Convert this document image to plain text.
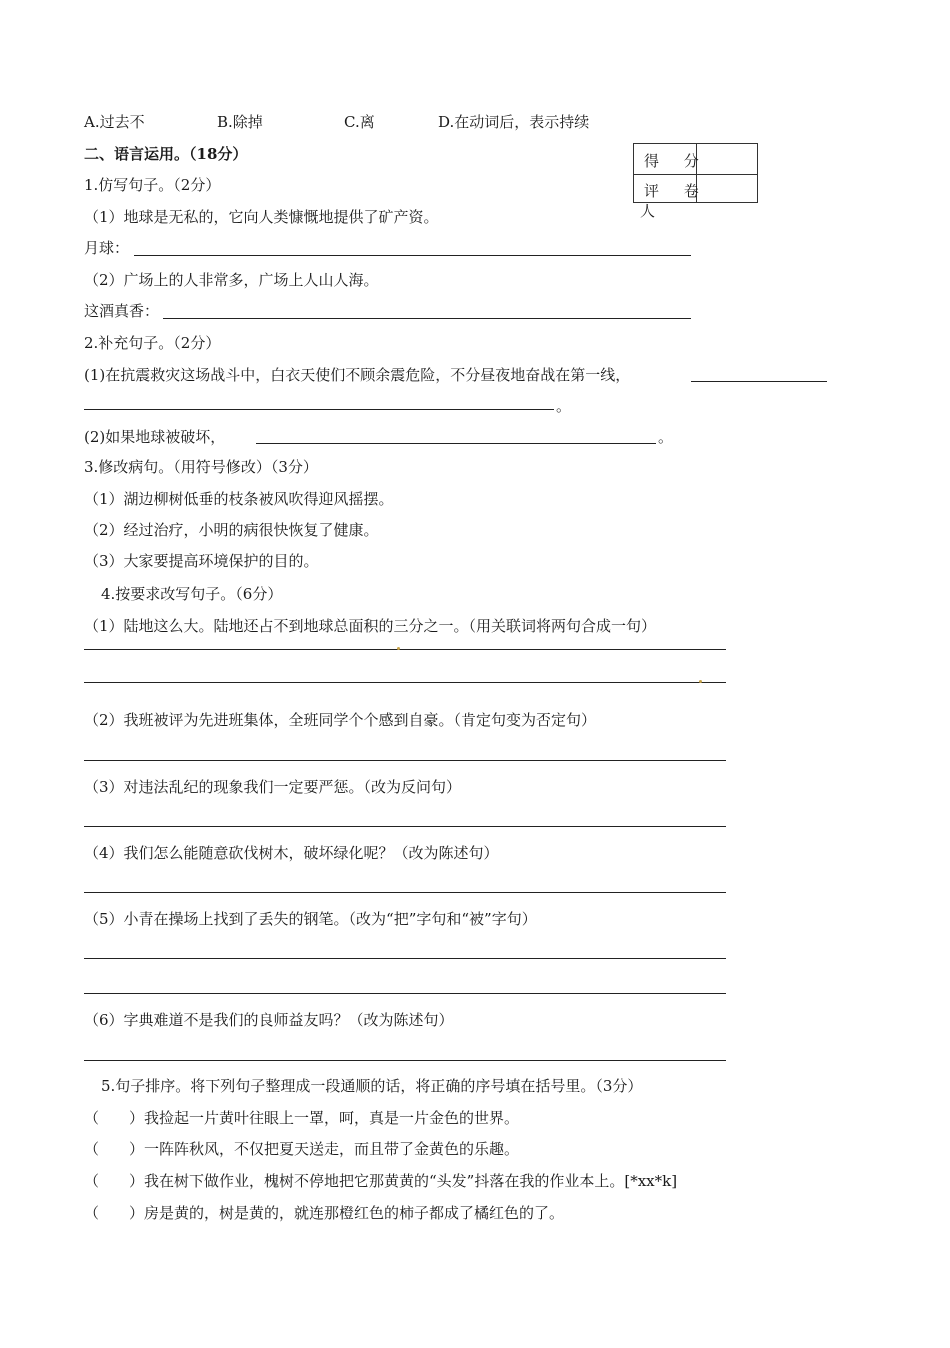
A.过去不	B.除掉	C.离	D.在动词后，表示持续
二、语言运用。（18分）	得 分
评 卷
人
1.仿写句子。（2分）
（1）地球是无私的，它向人类慷慨地提供了矿产资。
月球：
（2）广场上的人非常多，广场上人山人海。
这酒真香：
2.补充句子。（2分）
(1)在抗震救灾这场战斗中，白衣天使们不顾余震危险，不分昼夜地奋战在第一线，
。
(2)如果地球被破坏，	。
3.修改病句。（用符号修改）（3分）
（1）湖边柳树低垂的枝条被风吹得迎风摇摆。
（2）经过治疗，小明的病很快恢复了健康。
（3）大家要提高环境保护的目的。
4.按要求改写句子。（6分）
（1）陆地这么大。陆地还占不到地球总面积的三分之一。（用关联词将两句合成一句）
（2）我班被评为先进班集体，全班同学个个感到自豪。（肯定句变为否定句）
（3）对违法乱纪的现象我们一定要严惩。（改为反问句）
（4）我们怎么能随意砍伐树木，破坏绿化呢？（改为陈述句）
（5）小青在操场上找到了丢失的钢笔。（改为“把”字句和“被”字句）
（6）字典难道不是我们的良师益友吗？（改为陈述句）
5.句子排序。将下列句子整理成一段通顺的话，将正确的序号填在括号里。（3分）
（　　）我捡起一片黄叶往眼上一罩，呵，真是一片金色的世界。
（　　）一阵阵秋风，不仅把夏天送走，而且带了金黄色的乐趣。
（　　）我在树下做作业，槐树不停地把它那黄黄的“头发”抖落在我的作业本上。[*xx*k]
（　　）房是黄的，树是黄的，就连那橙红色的柿子都成了橘红色的了。
